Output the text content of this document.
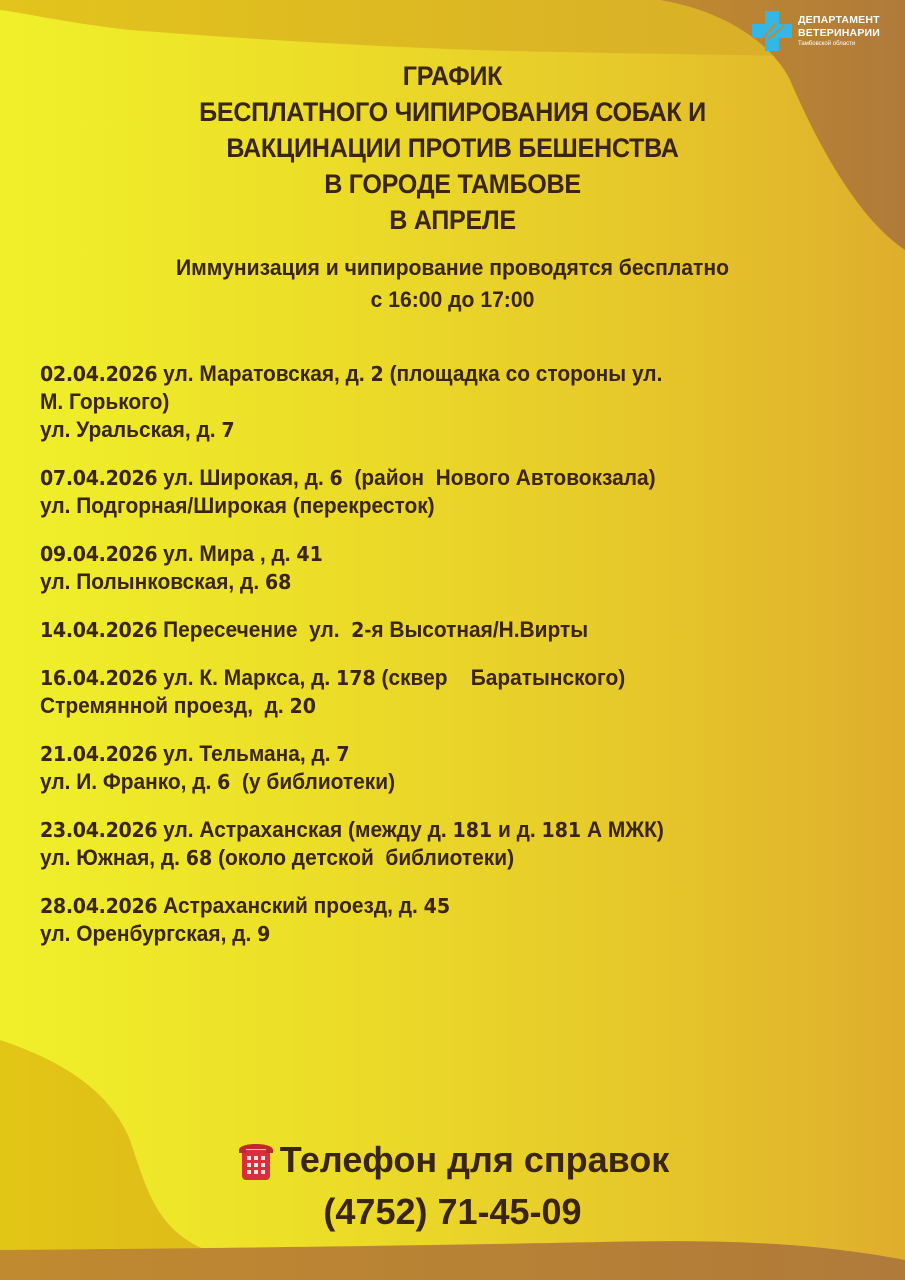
ДЕПАРТАМЕНТ
ВЕТЕРИНАРИИ
Тамбовской области
ГРАФИК
БЕСПЛАТНОГО ЧИПИРОВАНИЯ СОБАК И
ВАКЦИНАЦИИ ПРОТИВ БЕШЕНСТВА
В ГОРОДЕ ТАМБОВЕ
В АПРЕЛЕ
Иммунизация и чипирование проводятся бесплатно
с 16:00 до 17:00
02.04.2026 ул. Маратовская, д. 2 (площадка со стороны ул.
М. Горького)
ул. Уральская, д. 7
07.04.2026 ул. Широкая, д. 6  (район  Нового Автовокзала)
ул. Подгорная/Широкая (перекресток)
09.04.2026 ул. Мира , д. 41
ул. Полынковская, д. 68
14.04.2026 Пересечение  ул.  2-я Высотная/Н.Вирты
16.04.2026 ул. К. Маркса, д. 178 (сквер    Баратынского)
Стремянной проезд,  д. 20
21.04.2026 ул. Тельмана, д. 7
ул. И. Франко, д. 6  (у библиотеки)
23.04.2026 ул. Астраханская (между д. 181 и д. 181 А МЖК)
ул. Южная, д. 68 (около детской  библиотеки)
28.04.2026 Астраханский проезд, д. 45
ул. Оренбургская, д. 9
Телефон для справок
(4752) 71-45-09
